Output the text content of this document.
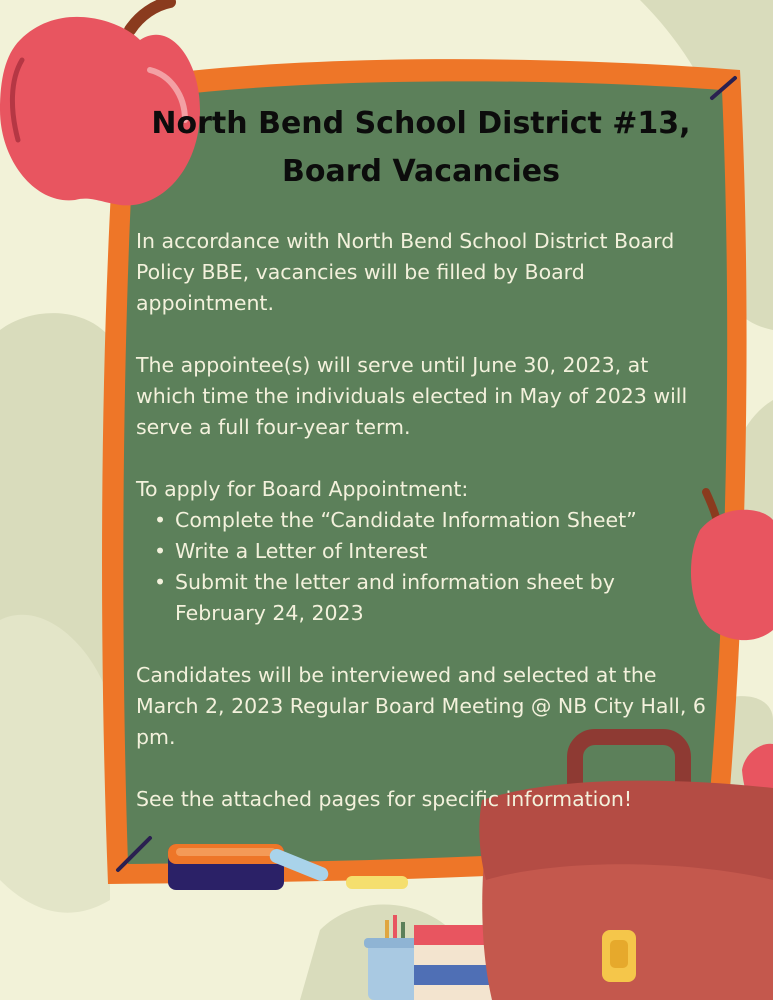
North Bend School District #13,
Board Vacancies

In accordance with North Bend School District Board Policy BBE, vacancies will be filled by Board appointment.

The appointee(s) will serve until June 30, 2023, at which time the individuals elected in May of 2023 will serve a full four-year term.

To apply for Board Appointment:

• Complete the “Candidate Information Sheet”
• Write a Letter of Interest
• Submit the letter and information sheet by February 24, 2023

Candidates will be interviewed and selected at the March 2, 2023 Regular Board Meeting @ NB City Hall, 6 pm.

See the attached pages for specific information!
